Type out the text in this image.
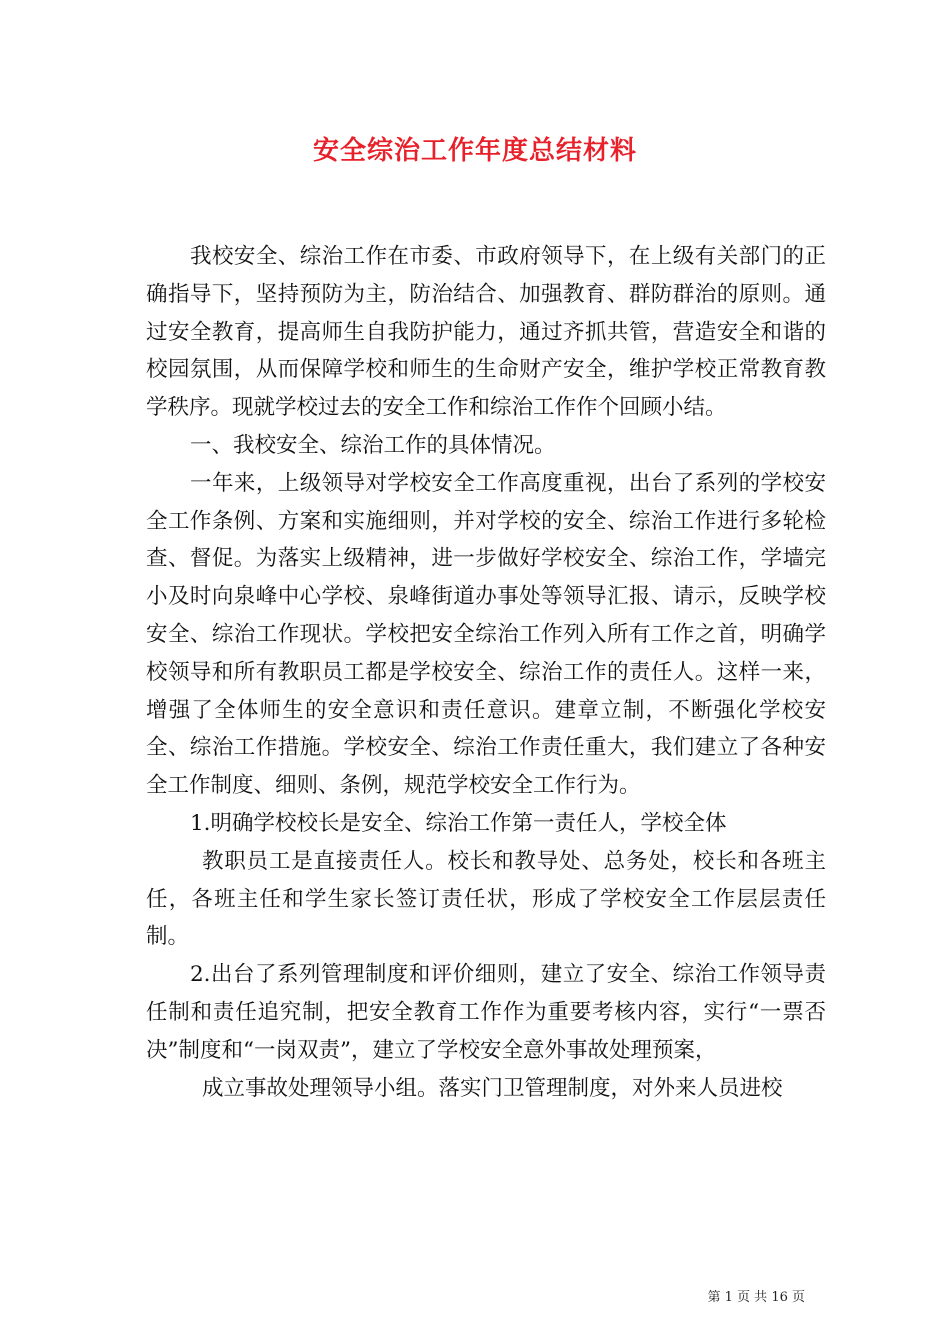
安全综治工作年度总结材料

我校安全、综治工作在市委、市政府领导下，在上级有关部门的正确指导下，坚持预防为主，防治结合、加强教育、群防群治的原则。通过安全教育，提高师生自我防护能力，通过齐抓共管，营造安全和谐的校园氛围，从而保障学校和师生的生命财产安全，维护学校正常教育教学秩序。现就学校过去的安全工作和综治工作作个回顾小结。

一、我校安全、综治工作的具体情况。

一年来，上级领导对学校安全工作高度重视，出台了系列的学校安全工作条例、方案和实施细则，并对学校的安全、综治工作进行多轮检查、督促。为落实上级精神，进一步做好学校安全、综治工作，学墙完小及时向泉峰中心学校、泉峰街道办事处等领导汇报、请示，反映学校安全、综治工作现状。学校把安全综治工作列入所有工作之首，明确学校领导和所有教职员工都是学校安全、综治工作的责任人。这样一来，增强了全体师生的安全意识和责任意识。建章立制，不断强化学校安全、综治工作措施。学校安全、综治工作责任重大，我们建立了各种安全工作制度、细则、条例，规范学校安全工作行为。

1.明确学校校长是安全、综治工作第一责任人，学校全体

教职员工是直接责任人。校长和教导处、总务处，校长和各班主任，各班主任和学生家长签订责任状，形成了学校安全工作层层责任制。

2.出台了系列管理制度和评价细则，建立了安全、综治工作领导责任制和责任追究制，把安全教育工作作为重要考核内容，实行“一票否决”制度和“一岗双责”，建立了学校安全意外事故处理预案，

成立事故处理领导小组。落实门卫管理制度，对外来人员进校

第 1 页 共 16 页
